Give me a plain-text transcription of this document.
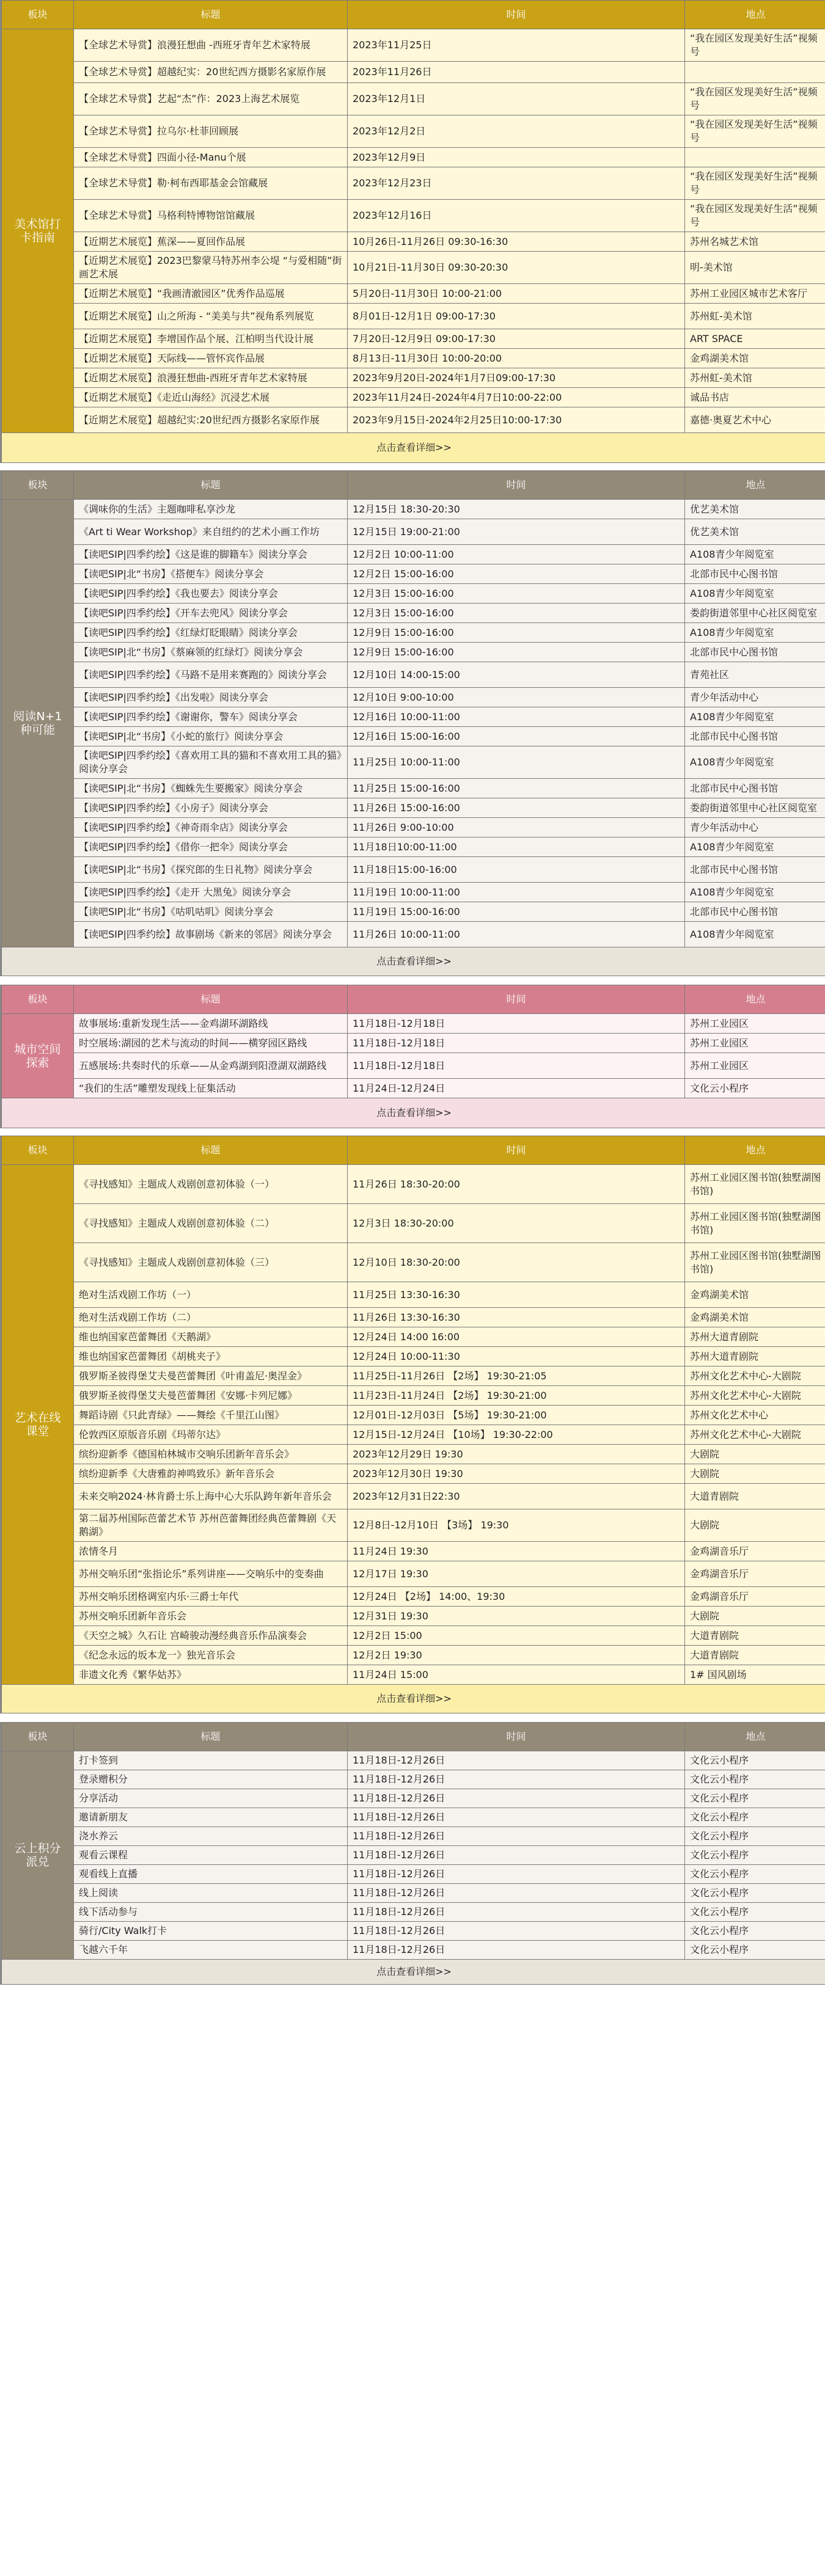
板块	标题	时间	地点
美术馆打卡指南	【全球艺术导赏】浪漫狂想曲 -西班牙青年艺术家特展	2023年11月25日	“我在园区发现美好生活”视频号
	【全球艺术导赏】超越纪实：20世纪西方摄影名家原作展	2023年11月26日	
	【全球艺术导赏】艺起“杰”作：2023上海艺术展览	2023年12月1日	“我在园区发现美好生活”视频号
	【全球艺术导赏】拉乌尔·杜菲回顾展	2023年12月2日	“我在园区发现美好生活”视频号
	【全球艺术导赏】四面小径-Manu个展	2023年12月9日	
	【全球艺术导赏】勒·柯布西耶基金会馆藏展	2023年12月23日	“我在园区发现美好生活”视频号
	【全球艺术导赏】马格利特博物馆馆藏展	2023年12月16日	“我在园区发现美好生活”视频号
	【近期艺术展览】蕉深——夏回作品展	10月26日-11月26日 09:30-16:30	苏州名城艺术馆
	【近期艺术展览】2023巴黎蒙马特苏州李公堤 “与爱相随”街画艺术展	10月21日-11月30日 09:30-20:30	明-美术馆
	【近期艺术展览】“我画清澈园区”优秀作品巡展	5月20日-11月30日 10:00-21:00	苏州工业园区城市艺术客厅
	【近期艺术展览】山之所海 - “美美与共”视角系列展览	8月01日-12月1日 09:00-17:30	苏州虹-美术馆
	【近期艺术展览】李增国作品个展、江柏明当代设计展	7月20日-12月9日 09:00-17:30	ART SPACE
	【近期艺术展览】天际线——管怀宾作品展	8月13日-11月30日 10:00-20:00	金鸡湖美术馆
	【近期艺术展览】浪漫狂想曲-西班牙青年艺术家特展	2023年9月20日-2024年1月7日09:00-17:30	苏州虹-美术馆
	【近期艺术展览】《走近山海经》沉浸艺术展	2023年11月24日-2024年4月7日10:00-22:00	诚品书店
	【近期艺术展览】超越纪实:20世纪西方摄影名家原作展	2023年9月15日-2024年2月25日10:00-17:30	嘉德·奥夏艺术中心
点击查看详细>>			
板块	标题	时间	地点
阅读N+1种可能	《调味你的生活》主题咖啡私享沙龙	12月15日 18:30-20:30	优艺美术馆
	《Art ti Wear Workshop》来自纽约的艺术小画工作坊	12月15日 19:00-21:00	优艺美术馆
	【读吧SIP|四季约绘】《这是谁的脚籍车》阅读分享会	12月2日 10:00-11:00	A108青少年阅览室
	【读吧SIP|北“书房】《搭便车》阅读分享会	12月2日 15:00-16:00	北部市民中心图书馆
	【读吧SIP|四季约绘】《我也要去》阅读分享会	12月3日 15:00-16:00	A108青少年阅览室
	【读吧SIP|四季约绘】《开车去兜风》阅读分享会	12月3日 15:00-16:00	娄韵街道邻里中心社区阅览室
	【读吧SIP|四季约绘】《红绿灯眨眼睛》阅读分享会	12月9日 15:00-16:00	A108青少年阅览室
	【读吧SIP|北“书房】《蔡麻领的红绿灯》阅读分享会	12月9日 15:00-16:00	北部市民中心图书馆
	【读吧SIP|四季约绘】《马路不是用来赛跑的》阅读分享会	12月10日 14:00-15:00	青苑社区
	【读吧SIP|四季约绘】《出发啦》阅读分享会	12月10日 9:00-10:00	青少年活动中心
	【读吧SIP|四季约绘】《谢谢你，警车》阅读分享会	12月16日 10:00-11:00	A108青少年阅览室
	【读吧SIP|北“书房】《小蛇的旅行》阅读分享会	12月16日 15:00-16:00	北部市民中心图书馆
	【读吧SIP|四季约绘】《喜欢用工具的猫和不喜欢用工具的猫》阅读分享会	11月25日 10:00-11:00	A108青少年阅览室
	【读吧SIP|北“书房】《蜘蛛先生要搬家》阅读分享会	11月25日 15:00-16:00	北部市民中心图书馆
	【读吧SIP|四季约绘】《小房子》阅读分享会	11月26日 15:00-16:00	娄韵街道邻里中心社区阅览室
	【读吧SIP|四季约绘】《神奇雨伞店》阅读分享会	11月26日 9:00-10:00	青少年活动中心
	【读吧SIP|四季约绘】《借你一把伞》阅读分享会	11月18日10:00-11:00	A108青少年阅览室
	【读吧SIP|北“书房】《探究郎的生日礼物》阅读分享会	11月18日15:00-16:00	北部市民中心图书馆
	【读吧SIP|四季约绘】《走开 大黑兔》阅读分享会	11月19日 10:00-11:00	A108青少年阅览室
	【读吧SIP|北“书房】《咕叽咕叽》阅读分享会	11月19日 15:00-16:00	北部市民中心图书馆
	【读吧SIP|四季约绘】故事剧场《新来的邻居》阅读分享会	11月26日 10:00-11:00	A108青少年阅览室
点击查看详细>>			
板块	标题	时间	地点
城市空间探索	故事展场:重新发现生活——金鸡湖环湖路线	11月18日-12月18日	苏州工业园区
	时空展场:湖园的艺术与流动的时间——横穿园区路线	11月18日-12月18日	苏州工业园区
	五感展场:共奏时代的乐章——从金鸡湖到阳澄湖双湖路线	11月18日-12月18日	苏州工业园区
	“我们的生活”雕塑发现线上征集活动	11月24日-12月24日	文化云小程序
点击查看详细>>			
板块	标题	时间	地点
艺术在线课堂	《寻找感知》主题成人戏剧创意初体验（一）	11月26日 18:30-20:00	苏州工业园区图书馆(独墅湖图书馆)
	《寻找感知》主题成人戏剧创意初体验（二）	12月3日 18:30-20:00	苏州工业园区图书馆(独墅湖图书馆)
	《寻找感知》主题成人戏剧创意初体验（三）	12月10日 18:30-20:00	苏州工业园区图书馆(独墅湖图书馆)
	绝对生活戏剧工作坊（一）	11月25日 13:30-16:30	金鸡湖美术馆
	绝对生活戏剧工作坊（二）	11月26日 13:30-16:30	金鸡湖美术馆
	维也纳国家芭蕾舞团《天鹅湖》	12月24日 14:00 16:00	苏州大道青剧院
	维也纳国家芭蕾舞团《胡桃夹子》	12月24日 10:00-11:30	苏州大道青剧院
	俄罗斯圣彼得堡艾夫曼芭蕾舞团《叶甫盖尼·奥涅金》	11月25日-11月26日 【2场】 19:30-21:05	苏州文化艺术中心-大剧院
	俄罗斯圣彼得堡艾夫曼芭蕾舞团《安娜·卡列尼娜》	11月23日-11月24日 【2场】 19:30-21:00	苏州文化艺术中心-大剧院
	舞蹈诗剧《只此青绿》——舞绘《千里江山图》	12月01日-12月03日 【5场】 19:30-21:00	苏州文化艺术中心
	伦敦西区原版音乐剧《玛蒂尔达》	12月15日-12月24日 【10场】 19:30-22:00	苏州文化艺术中心-大剧院
	缤纷迎新季《德国柏林城市交响乐团新年音乐会》	2023年12月29日 19:30	大剧院
	缤纷迎新季《大唐雅韵神鸣致乐》新年音乐会	2023年12月30日 19:30	大剧院
	未来交响2024·林肯爵士乐上海中心大乐队跨年新年音乐会	2023年12月31日22:30	大道青剧院
	第二届苏州国际芭蕾艺术节 苏州芭蕾舞团经典芭蕾舞剧《天鹅湖》	12月8日-12月10日 【3场】 19:30	大剧院
	浓情冬月	11月24日 19:30	金鸡湖音乐厅
	苏州交响乐团“张指论乐”系列讲座——交响乐中的变奏曲	12月17日 19:30	金鸡湖音乐厅
	苏州交响乐团格调室内乐·三爵士年代	12月24日 【2场】 14:00、19:30	金鸡湖音乐厅
	苏州交响乐团新年音乐会	12月31日 19:30	大剧院
	《天空之城》久石让 宫崎骏动漫经典音乐作品演奏会	12月2日 15:00	大道青剧院
	《纪念永远的坂本龙一》独光音乐会	12月2日 19:30	大道青剧院
	非遗文化秀《繁华姑苏》	11月24日 15:00	1# 国风剧场
点击查看详细>>			
板块	标题	时间	地点
云上积分派兑	打卡签到	11月18日-12月26日	文化云小程序
	登录赠积分	11月18日-12月26日	文化云小程序
	分享活动	11月18日-12月26日	文化云小程序
	邀请新朋友	11月18日-12月26日	文化云小程序
	浇水养云	11月18日-12月26日	文化云小程序
	观看云课程	11月18日-12月26日	文化云小程序
	观看线上直播	11月18日-12月26日	文化云小程序
	线上阅读	11月18日-12月26日	文化云小程序
	线下活动参与	11月18日-12月26日	文化云小程序
	骑行/City Walk打卡	11月18日-12月26日	文化云小程序
	飞越六千年	11月18日-12月26日	文化云小程序
点击查看详细>>			
